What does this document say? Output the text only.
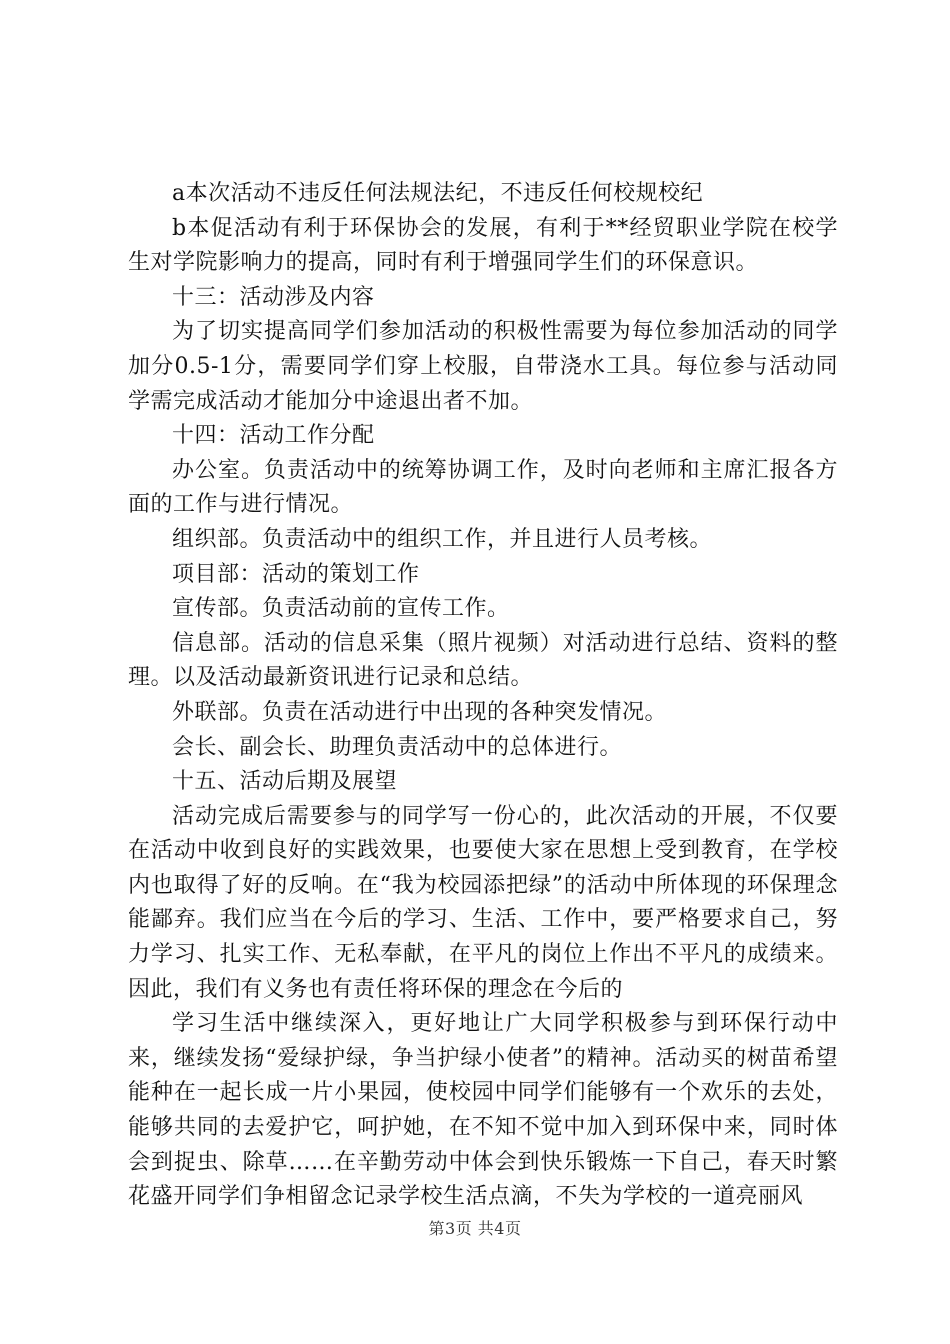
a本次活动不违反任何法规法纪，不违反任何校规校纪

b本促活动有利于环保协会的发展，有利于**经贸职业学院在校学生对学院影响力的提高，同时有利于增强同学生们的环保意识。

十三：活动涉及内容

为了切实提高同学们参加活动的积极性需要为每位参加活动的同学加分0.5-1分，需要同学们穿上校服，自带浇水工具。每位参与活动同学需完成活动才能加分中途退出者不加。

十四：活动工作分配

办公室。负责活动中的统筹协调工作，及时向老师和主席汇报各方面的工作与进行情况。

组织部。负责活动中的组织工作，并且进行人员考核。

项目部：活动的策划工作

宣传部。负责活动前的宣传工作。

信息部。活动的信息采集（照片视频）对活动进行总结、资料的整理。以及活动最新资讯进行记录和总结。

外联部。负责在活动进行中出现的各种突发情况。

会长、副会长、助理负责活动中的总体进行。

十五、活动后期及展望

活动完成后需要参与的同学写一份心的，此次活动的开展，不仅要在活动中收到良好的实践效果，也要使大家在思想上受到教育，在学校内也取得了好的反响。在“我为校园添把绿”的活动中所体现的环保理念能鄙弃。我们应当在今后的学习、生活、工作中，要严格要求自己，努力学习、扎实工作、无私奉献，在平凡的岗位上作出不平凡的成绩来。因此，我们有义务也有责任将环保的理念在今后的

学习生活中继续深入，更好地让广大同学积极参与到环保行动中来，继续发扬“爱绿护绿，争当护绿小使者”的精神。活动买的树苗希望能种在一起长成一片小果园，使校园中同学们能够有一个欢乐的去处，能够共同的去爱护它，呵护她，在不知不觉中加入到环保中来，同时体会到捉虫、除草……在辛勤劳动中体会到快乐锻炼一下自己，春天时繁花盛开同学们争相留念记录学校生活点滴，不失为学校的一道亮丽风

第3页 共4页
